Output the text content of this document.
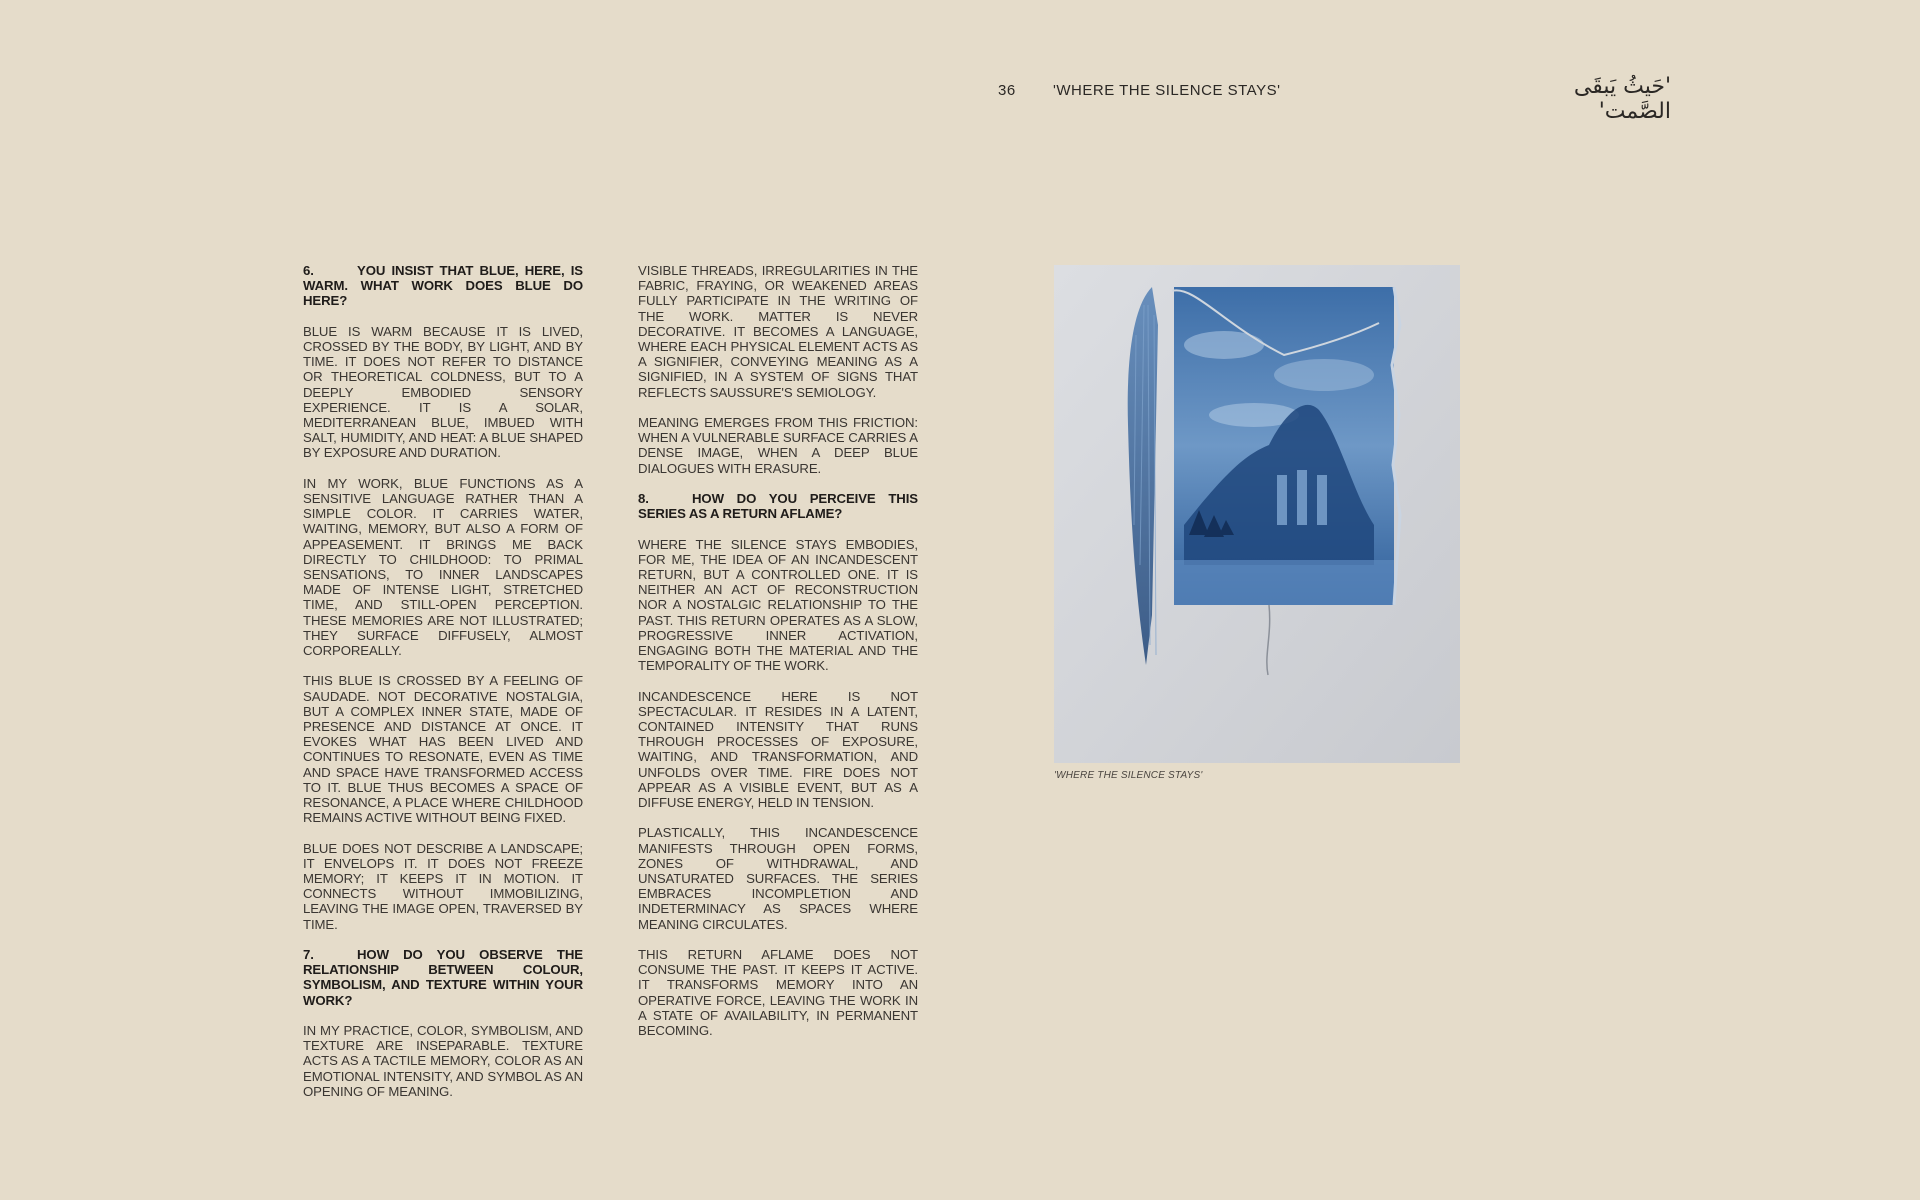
36 'WHERE THE SILENCE STAYS'	'حَيثُ يَبقَى الصَّمت'
6.	YOU INSIST THAT BLUE, HERE, IS WARM. WHAT WORK DOES BLUE DO HERE?

BLUE IS WARM BECAUSE IT IS LIVED, CROSSED BY THE BODY, BY LIGHT, AND BY TIME. IT DOES NOT REFER TO DISTANCE OR THEORETICAL COLDNESS, BUT TO A DEEPLY EMBODIED SENSORY EXPERIENCE. IT IS A SOLAR, MEDITERRANEAN BLUE, IMBUED WITH SALT, HUMIDITY, AND HEAT: A BLUE SHAPED BY EXPOSURE AND DURATION.

IN MY WORK, BLUE FUNCTIONS AS A SENSITIVE LANGUAGE RATHER THAN A SIMPLE COLOR. IT CARRIES WATER, WAITING, MEMORY, BUT ALSO A FORM OF APPEASEMENT. IT BRINGS ME BACK DIRECTLY TO CHILDHOOD: TO PRIMAL SENSATIONS, TO INNER LANDSCAPES MADE OF INTENSE LIGHT, STRETCHED TIME, AND STILL-OPEN PERCEPTION. THESE MEMORIES ARE NOT ILLUSTRATED; THEY SURFACE DIFFUSELY, ALMOST CORPOREALLY.

THIS BLUE IS CROSSED BY A FEELING OF SAUDADE. NOT DECORATIVE NOSTALGIA, BUT A COMPLEX INNER STATE, MADE OF PRESENCE AND DISTANCE AT ONCE. IT EVOKES WHAT HAS BEEN LIVED AND CONTINUES TO RESONATE, EVEN AS TIME AND SPACE HAVE TRANSFORMED ACCESS TO IT. BLUE THUS BECOMES A SPACE OF RESONANCE, A PLACE WHERE CHILDHOOD REMAINS ACTIVE WITHOUT BEING FIXED.

BLUE DOES NOT DESCRIBE A LANDSCAPE; IT ENVELOPS IT. IT DOES NOT FREEZE MEMORY; IT KEEPS IT IN MOTION. IT CONNECTS WITHOUT IMMOBILIZING, LEAVING THE IMAGE OPEN, TRAVERSED BY TIME.

7.	HOW DO YOU OBSERVE THE RELATIONSHIP BETWEEN COLOUR, SYMBOLISM, AND TEXTURE WITHIN YOUR WORK?

IN MY PRACTICE, COLOR, SYMBOLISM, AND TEXTURE ARE INSEPARABLE. TEXTURE ACTS AS A TACTILE MEMORY, COLOR AS AN EMOTIONAL INTENSITY, AND SYMBOL AS AN OPENING OF MEANING.

VISIBLE THREADS, IRREGULARITIES IN THE FABRIC, FRAYING, OR WEAKENED AREAS FULLY PARTICIPATE IN THE WRITING OF THE WORK. MATTER IS NEVER DECORATIVE. IT BECOMES A LANGUAGE, WHERE EACH PHYSICAL ELEMENT ACTS AS A SIGNIFIER, CONVEYING MEANING AS A SIGNIFIED, IN A SYSTEM OF SIGNS THAT REFLECTS SAUSSURE'S SEMIOLOGY.

MEANING EMERGES FROM THIS FRICTION: WHEN A VULNERABLE SURFACE CARRIES A DENSE IMAGE, WHEN A DEEP BLUE DIALOGUES WITH ERASURE.

8.	HOW DO YOU PERCEIVE THIS SERIES AS A RETURN AFLAME?

WHERE THE SILENCE STAYS EMBODIES, FOR ME, THE IDEA OF AN INCANDESCENT RETURN, BUT A CONTROLLED ONE. IT IS NEITHER AN ACT OF RECONSTRUCTION NOR A NOSTALGIC RELATIONSHIP TO THE PAST. THIS RETURN OPERATES AS A SLOW, PROGRESSIVE INNER ACTIVATION, ENGAGING BOTH THE MATERIAL AND THE TEMPORALITY OF THE WORK.

INCANDESCENCE HERE IS NOT SPECTACULAR. IT RESIDES IN A LATENT, CONTAINED INTENSITY THAT RUNS THROUGH PROCESSES OF EXPOSURE, WAITING, AND TRANSFORMATION, AND UNFOLDS OVER TIME. FIRE DOES NOT APPEAR AS A VISIBLE EVENT, BUT AS A DIFFUSE ENERGY, HELD IN TENSION.

PLASTICALLY, THIS INCANDESCENCE MANIFESTS THROUGH OPEN FORMS, ZONES OF WITHDRAWAL, AND UNSATURATED SURFACES. THE SERIES EMBRACES INCOMPLETION AND INDETERMINACY AS SPACES WHERE MEANING CIRCULATES.

THIS RETURN AFLAME DOES NOT CONSUME THE PAST. IT KEEPS IT ACTIVE. IT TRANSFORMS MEMORY INTO AN OPERATIVE FORCE, LEAVING THE WORK IN A STATE OF AVAILABILITY, IN PERMANENT BECOMING.

'WHERE THE SILENCE STAYS'
